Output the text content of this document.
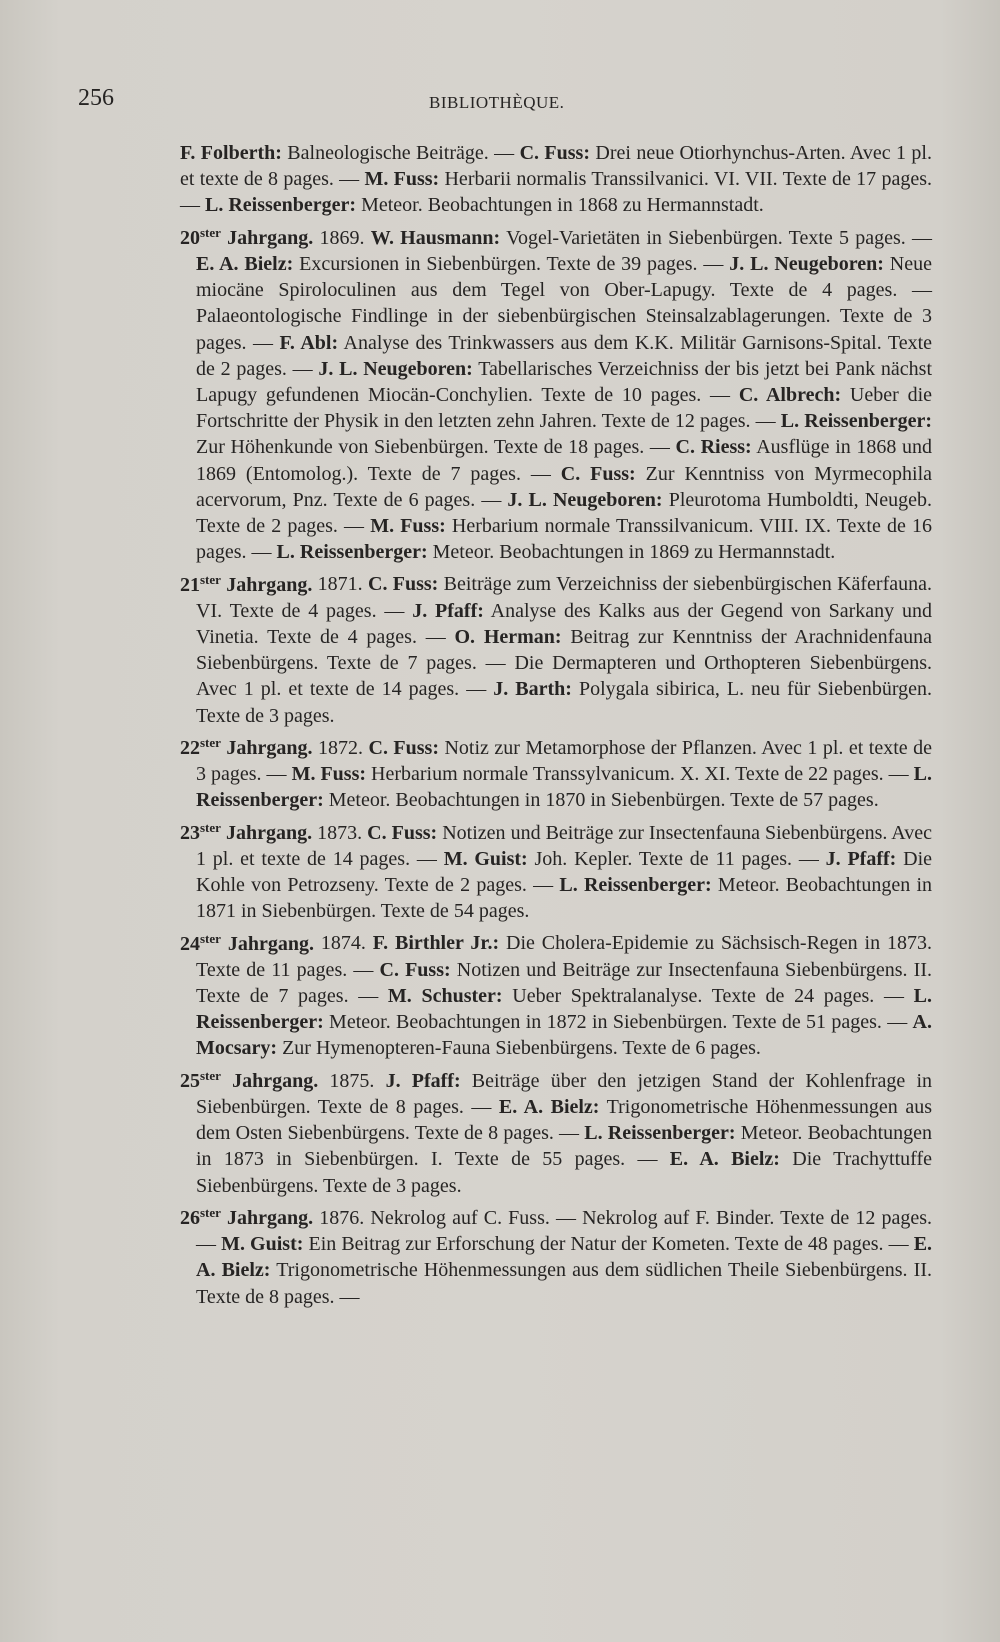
256	BIBLIOTHÈQUE.

F. Folberth: Balneologische Beiträge. — C. Fuss: Drei neue Otiorhynchus-Arten. Avec 1 pl. et texte de 8 pages. — M. Fuss: Herbarii normalis Transsilvanici. VI. VII. Texte de 17 pages. — L. Reissenberger: Meteor. Beobachtungen in 1868 zu Hermannstadt.

$20^{ster}$ Jahrgang. 1869. W. Hausmann: Vogel-Varietäten in Siebenbürgen. Texte 5 pages. — E. A. Bielz: Excursionen in Siebenbürgen. Texte de 39 pages. — J. L. Neugeboren: Neue miocäne Spiroloculinen aus dem Tegel von Ober-Lapugy. Texte de 4 pages. — Palaeontologische Findlinge in der siebenbürgischen Steinsalzablagerungen. Texte de 3 pages. — F. Abl: Analyse des Trinkwassers aus dem K.K. Militär Garnisons-Spital. Texte de 2 pages. — J. L. Neugeboren: Tabellarisches Verzeichniss der bis jetzt bei Pank nächst Lapugy gefundenen Miocän-Conchylien. Texte de 10 pages. — C. Albrech: Ueber die Fortschritte der Physik in den letzten zehn Jahren. Texte de 12 pages. — L. Reissenberger: Zur Höhenkunde von Siebenbürgen. Texte de 18 pages. — C. Riess: Ausflüge in 1868 und 1869 (Entomolog.). Texte de 7 pages. — C. Fuss: Zur Kenntniss von Myrmecophila acervorum, Pnz. Texte de 6 pages. — J. L. Neugeboren: Pleurotoma Humboldti, Neugeb. Texte de 2 pages. — M. Fuss: Herbarium normale Transsilvanicum. VIII. IX. Texte de 16 pages. — L. Reissenberger: Meteor. Beobachtungen in 1869 zu Hermannstadt.

$21^{ster}$ Jahrgang. 1871. C. Fuss: Beiträge zum Verzeichniss der siebenbürgischen Käferfauna. VI. Texte de 4 pages. — J. Pfaff: Analyse des Kalks aus der Gegend von Sarkany und Vinetia. Texte de 4 pages. — O. Herman: Beitrag zur Kenntniss der Arachnidenfauna Siebenbürgens. Texte de 7 pages. — Die Dermapteren und Orthopteren Siebenbürgens. Avec 1 pl. et texte de 14 pages. — J. Barth: Polygala sibirica, L. neu für Siebenbürgen. Texte de 3 pages.

$22^{ster}$ Jahrgang. 1872. C. Fuss: Notiz zur Metamorphose der Pflanzen. Avec 1 pl. et texte de 3 pages. — M. Fuss: Herbarium normale Transsylvanicum. X. XI. Texte de 22 pages. — L. Reissenberger: Meteor. Beobachtungen in 1870 in Siebenbürgen. Texte de 57 pages.

$23^{ster}$ Jahrgang. 1873. C. Fuss: Notizen und Beiträge zur Insectenfauna Siebenbürgens. Avec 1 pl. et texte de 14 pages. — M. Guist: Joh. Kepler. Texte de 11 pages. — J. Pfaff: Die Kohle von Petrozseny. Texte de 2 pages. — L. Reissenberger: Meteor. Beobachtungen in 1871 in Siebenbürgen. Texte de 54 pages.

$24^{ster}$ Jahrgang. 1874. F. Birthler Jr.: Die Cholera-Epidemie zu Sächsisch-Regen in 1873. Texte de 11 pages. — C. Fuss: Notizen und Beiträge zur Insectenfauna Siebenbürgens. II. Texte de 7 pages. — M. Schuster: Ueber Spektralanalyse. Texte de 24 pages. — L. Reissenberger: Meteor. Beobachtungen in 1872 in Siebenbürgen. Texte de 51 pages. — A. Mocsary: Zur Hymenopteren-Fauna Siebenbürgens. Texte de 6 pages.

$25^{ster}$ Jahrgang. 1875. J. Pfaff: Beiträge über den jetzigen Stand der Kohlenfrage in Siebenbürgen. Texte de 8 pages. — E. A. Bielz: Trigonometrische Höhenmessungen aus dem Osten Siebenbürgens. Texte de 8 pages. — L. Reissenberger: Meteor. Beobachtungen in 1873 in Siebenbürgen. I. Texte de 55 pages. — E. A. Bielz: Die Trachyttuffe Siebenbürgens. Texte de 3 pages.

$26^{ster}$ Jahrgang. 1876. Nekrolog auf C. Fuss. — Nekrolog auf F. Binder. Texte de 12 pages. — M. Guist: Ein Beitrag zur Erforschung der Natur der Kometen. Texte de 48 pages. — E. A. Bielz: Trigonometrische Höhenmessungen aus dem südlichen Theile Siebenbürgens. II. Texte de 8 pages. —
